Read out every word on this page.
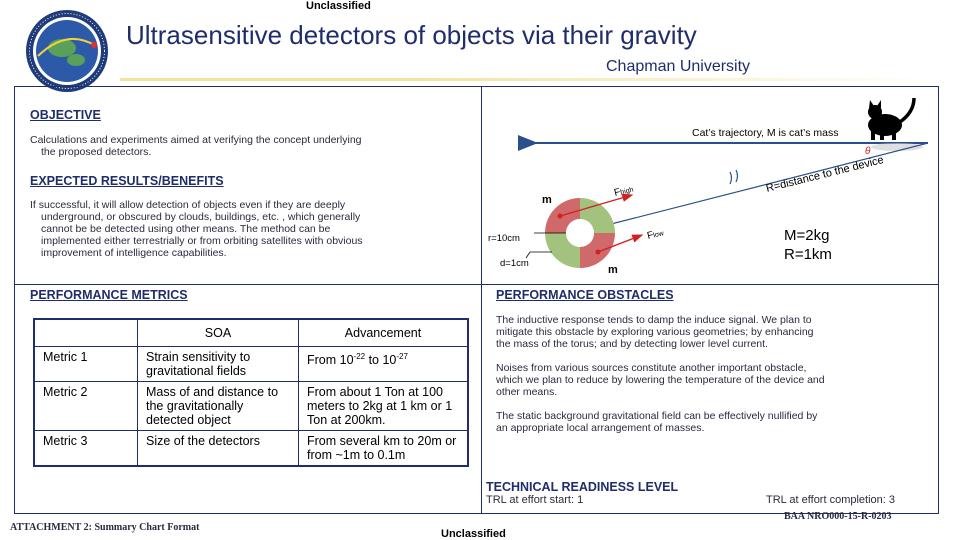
Unclassified
Ultrasensitive detectors of objects via their gravity
Chapman University
OBJECTIVE
Calculations and experiments aimed at verifying the concept underlying
the proposed detectors.
EXPECTED RESULTS/BENEFITS
If successful, it will allow detection of objects even if they are deeply
underground, or obscured by clouds, buildings, etc. , which generally
cannot be be detected using other means. The method can be
implemented either terrestrially or from orbiting satellites with obvious
improvement of intelligence capabilities.
Cat’s trajectory, M is cat’s mass
θ
R=distance to the device
m
m
Fhigh
Flow
r=10cm
d=1cm
M=2kg
R=1km
PERFORMANCE METRICS
	SOA	Advancement
Metric 1	Strain sensitivity to gravitational fields	From $10^{-22}$ to $10^{-27}$
Metric 2	Mass of and distance to the gravitationally detected object	From about 1 Ton at 100 meters to 2kg at 1 km or 1 Ton at 200km.
Metric 3	Size of the detectors	From several km to 20m or from ~1m to 0.1m
PERFORMANCE OBSTACLES
The inductive response tends to damp the induce signal. We plan to
mitigate this obstacle by exploring various geometries; by enhancing
the mass of the torus; and by detecting lower level current.
Noises from various sources constitute another important obstacle,
which we plan to reduce by lowering the temperature of the device and
other means.
The static background gravitational field can be effectively nullified by
an appropriate local arrangement of masses.
TECHNICAL READINESS LEVEL
TRL at effort start: 1	TRL at effort completion: 3
ATTACHMENT 2: Summary Chart Format
Unclassified
BAA NRO000-15-R-0203
